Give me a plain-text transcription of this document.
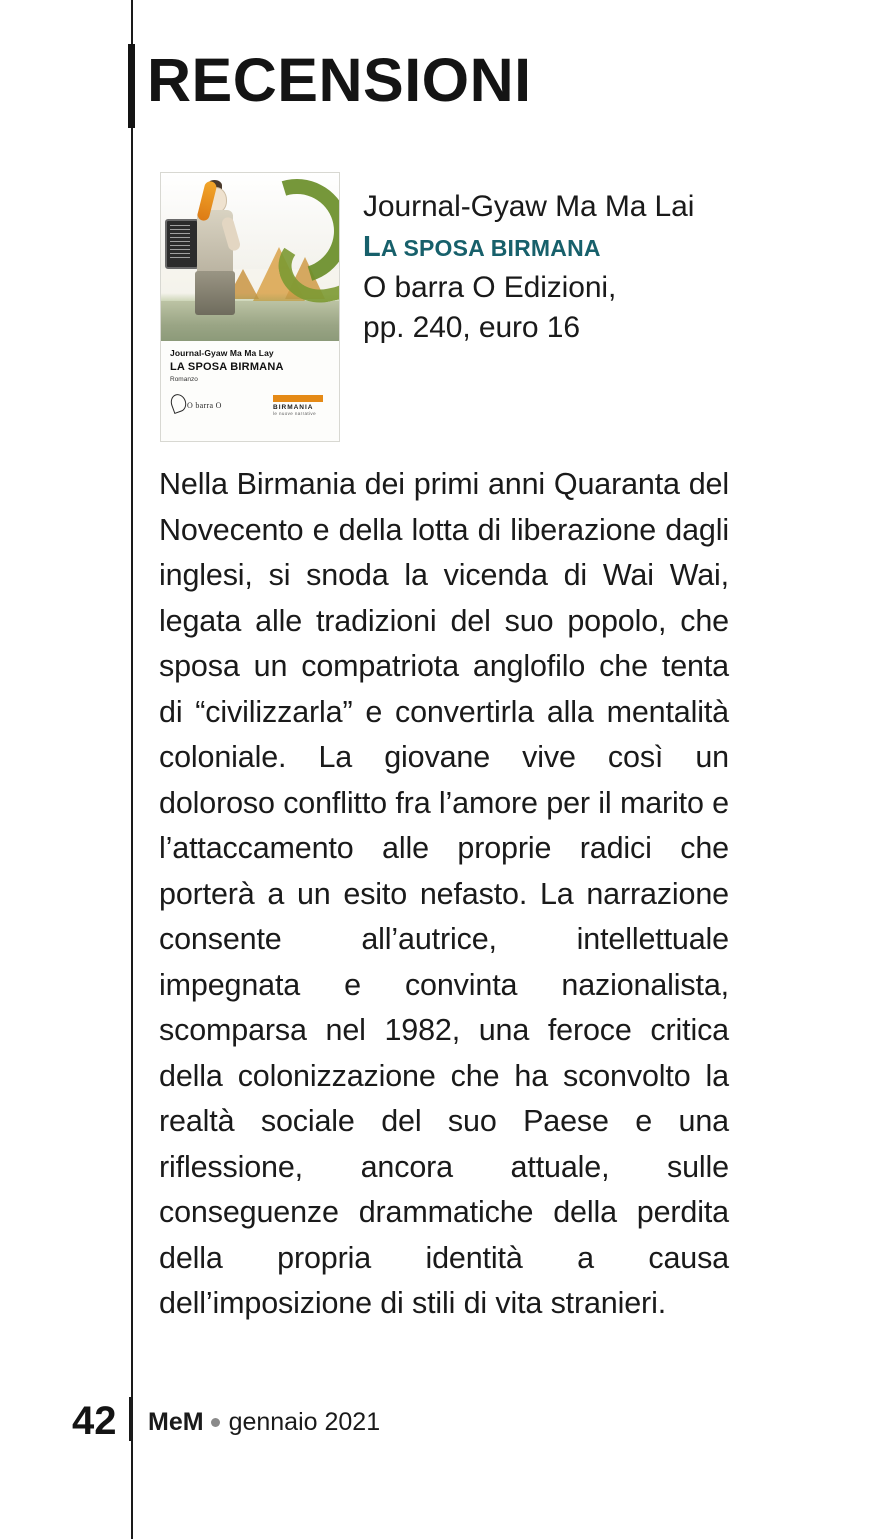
RECENSIONI
Journal-Gyaw Ma Ma Lay
LA SPOSA BIRMANA
Romanzo
O barra O	BIRMANIA
le nuove narrative
Journal-Gyaw Ma Ma Lai
LA SPOSA BIRMANA
O barra O Edizioni,
pp. 240, euro 16
Nella Birmania dei primi anni Quaranta del Novecento e della lotta di liberazione dagli inglesi, si snoda la vicenda di Wai Wai, legata alle tradizioni del suo popolo, che sposa un compatriota anglofilo che tenta di “civilizzarla” e convertirla alla mentalità coloniale. La giovane vive così un doloroso conflitto fra l’amore per il marito e l’attaccamento alle proprie radici che porterà a un esito nefasto. La narrazione consente all’autrice, intellettuale impegnata e convinta nazionalista, scomparsa nel 1982, una feroce critica della colonizzazione che ha sconvolto la realtà sociale del suo Paese e una riflessione, ancora attuale, sulle conseguenze drammatiche della perdita della propria identità a causa dell’imposizione di stili di vita stranieri.
42 MeM gennaio 2021
